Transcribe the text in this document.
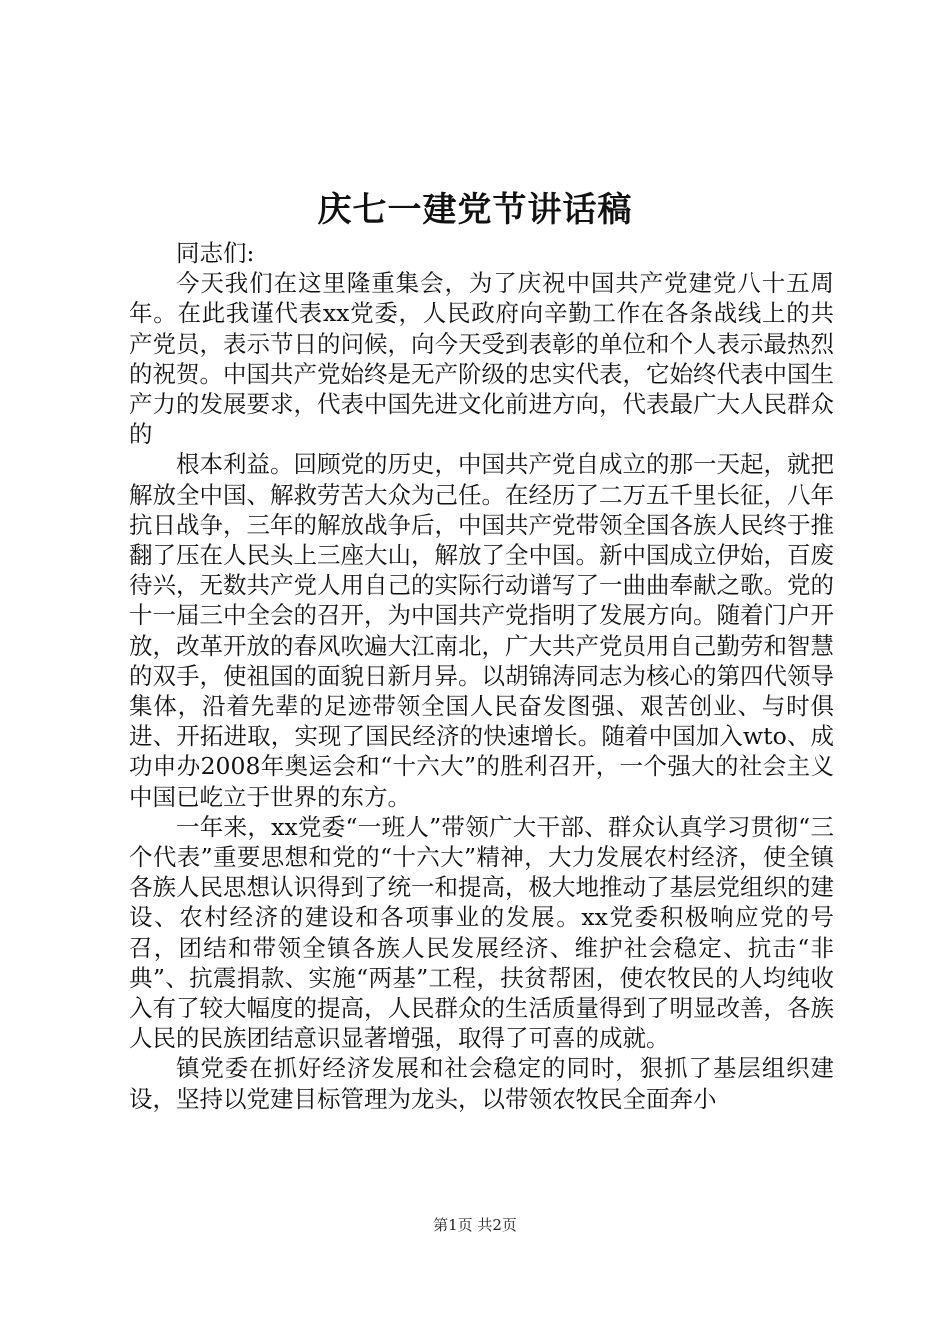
庆七一建党节讲话稿

同志们:

今天我们在这里隆重集会，为了庆祝中国共产党建党八十五周年。在此我谨代表xx党委，人民政府向辛勤工作在各条战线上的共产党员，表示节日的问候，向今天受到表彰的单位和个人表示最热烈的祝贺。中国共产党始终是无产阶级的忠实代表，它始终代表中国生产力的发展要求，代表中国先进文化前进方向，代表最广大人民群众的

根本利益。回顾党的历史，中国共产党自成立的那一天起，就把解放全中国、解救劳苦大众为己任。在经历了二万五千里长征，八年抗日战争，三年的解放战争后，中国共产党带领全国各族人民终于推翻了压在人民头上三座大山，解放了全中国。新中国成立伊始，百废待兴，无数共产党人用自己的实际行动谱写了一曲曲奉献之歌。党的十一届三中全会的召开，为中国共产党指明了发展方向。随着门户开放，改革开放的春风吹遍大江南北，广大共产党员用自己勤劳和智慧的双手，使祖国的面貌日新月异。以胡锦涛同志为核心的第四代领导集体，沿着先辈的足迹带领全国人民奋发图强、艰苦创业、与时俱进、开拓进取，实现了国民经济的快速增长。随着中国加入wto、成功申办2008年奥运会和“十六大”的胜利召开，一个强大的社会主义中国已屹立于世界的东方。

一年来，xx党委“一班人”带领广大干部、群众认真学习贯彻“三个代表”重要思想和党的“十六大”精神，大力发展农村经济，使全镇各族人民思想认识得到了统一和提高，极大地推动了基层党组织的建设、农村经济的建设和各项事业的发展。xx党委积极响应党的号召，团结和带领全镇各族人民发展经济、维护社会稳定、抗击“非典”、抗震捐款、实施“两基”工程，扶贫帮困，使农牧民的人均纯收入有了较大幅度的提高，人民群众的生活质量得到了明显改善，各族人民的民族团结意识显著增强，取得了可喜的成就。

镇党委在抓好经济发展和社会稳定的同时，狠抓了基层组织建设，坚持以党建目标管理为龙头，以带领农牧民全面奔小

第1页 共2页
